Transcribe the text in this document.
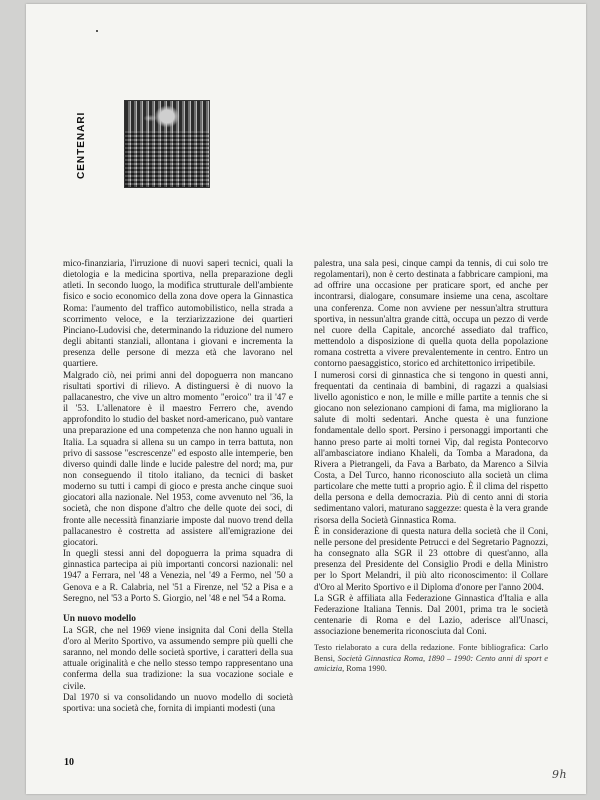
CENTENARI

mico-finanziaria, l'irruzione di nuovi saperi tecnici, quali la dietologia e la medicina sportiva, nella preparazione degli atleti. In secondo luogo, la modifica strutturale dell'ambiente fisico e socio economico della zona dove opera la Ginnastica Roma: l'aumento del traffico automobilistico, nella strada a scorrimento veloce, e la terziarizzazione dei quartieri Pinciano-Ludovisi che, determinando la riduzione del numero degli abitanti stanziali, allontana i giovani e incrementa la presenza delle persone di mezza età che lavorano nel quartiere.

Malgrado ciò, nei primi anni del dopoguerra non mancano risultati sportivi di rilievo. A distinguersi è di nuovo la pallacanestro, che vive un altro momento "eroico" tra il '47 e il '53. L'allenatore è il maestro Ferrero che, avendo approfondito lo studio del basket nord-americano, può vantare una preparazione ed una competenza che non hanno uguali in Italia. La squadra si allena su un campo in terra battuta, non privo di sassose "escrescenze" ed esposto alle intemperie, ben diverso quindi dalle linde e lucide palestre del nord; ma, pur non conseguendo il titolo italiano, da tecnici di basket moderno su tutti i campi di gioco e presta anche cinque suoi giocatori alla nazionale. Nel 1953, come avvenuto nel '36, la società, che non dispone d'altro che delle quote dei soci, di fronte alle necessità finanziarie imposte dal nuovo trend della pallacanestro è costretta ad assistere all'emigrazione dei giocatori.

In quegli stessi anni del dopoguerra la prima squadra di ginnastica partecipa ai più importanti concorsi nazionali: nel 1947 a Ferrara, nel '48 a Venezia, nel '49 a Fermo, nel '50 a Genova e a R. Calabria, nel '51 a Firenze, nel '52 a Pisa e a Seregno, nel '53 a Porto S. Giorgio, nel '48 e nel '54 a Roma.

Un nuovo modello

La SGR, che nel 1969 viene insignita dal Coni della Stella d'oro al Merito Sportivo, va assumendo sempre più quelli che saranno, nel mondo delle società sportive, i caratteri della sua attuale originalità e che nello stesso tempo rappresentano una conferma della sua tradizione: la sua vocazione sociale e civile.

Dal 1970 si va consolidando un nuovo modello di società sportiva: una società che, fornita di impianti modesti (una

palestra, una sala pesi, cinque campi da tennis, di cui solo tre regolamentari), non è certo destinata a fabbricare campioni, ma ad offrire una occasione per praticare sport, ed anche per incontrarsi, dialogare, consumare insieme una cena, ascoltare una conferenza. Come non avviene per nessun'altra struttura sportiva, in nessun'altra grande città, occupa un pezzo di verde nel cuore della Capitale, ancorché assediato dal traffico, mettendolo a disposizione di quella quota della popolazione romana costretta a vivere prevalentemente in centro. Entro un contorno paesaggistico, storico ed architettonico irripetibile.

I numerosi corsi di ginnastica che si tengono in questi anni, frequentati da centinaia di bambini, di ragazzi a qualsiasi livello agonistico e non, le mille e mille partite a tennis che si giocano non selezionano campioni di fama, ma migliorano la salute di molti sedentari. Anche questa è una funzione fondamentale dello sport. Persino i personaggi importanti che hanno preso parte ai molti tornei Vip, dal regista Pontecorvo all'ambasciatore indiano Khaleli, da Tomba a Maradona, da Rivera a Pietrangeli, da Fava a Barbato, da Marenco a Silvia Costa, a Del Turco, hanno riconosciuto alla società un clima particolare che mette tutti a proprio agio. È il clima del rispetto della persona e della democrazia. Più di cento anni di storia sedimentano valori, maturano saggezze: questa è la vera grande risorsa della Società Ginnastica Roma.

È in considerazione di questa natura della società che il Coni, nelle persone del presidente Petrucci e del Segretario Pagnozzi, ha consegnato alla SGR il 23 ottobre di quest'anno, alla presenza del Presidente del Consiglio Prodi e della Ministro per lo Sport Melandri, il più alto riconoscimento: il Collare d'Oro al Merito Sportivo e il Diploma d'onore per l'anno 2004.

La SGR è affiliata alla Federazione Ginnastica d'Italia e alla Federazione Italiana Tennis. Dal 2001, prima tra le società centenarie di Roma e del Lazio, aderisce all'Unasci, associazione benemerita riconosciuta dal Coni.

Testo rielaborato a cura della redazione. Fonte bibliografica: Carlo Bensi, Società Ginnastica Roma, 1890 – 1990: Cento anni di sport e amicizia, Roma 1990.

10
9h
